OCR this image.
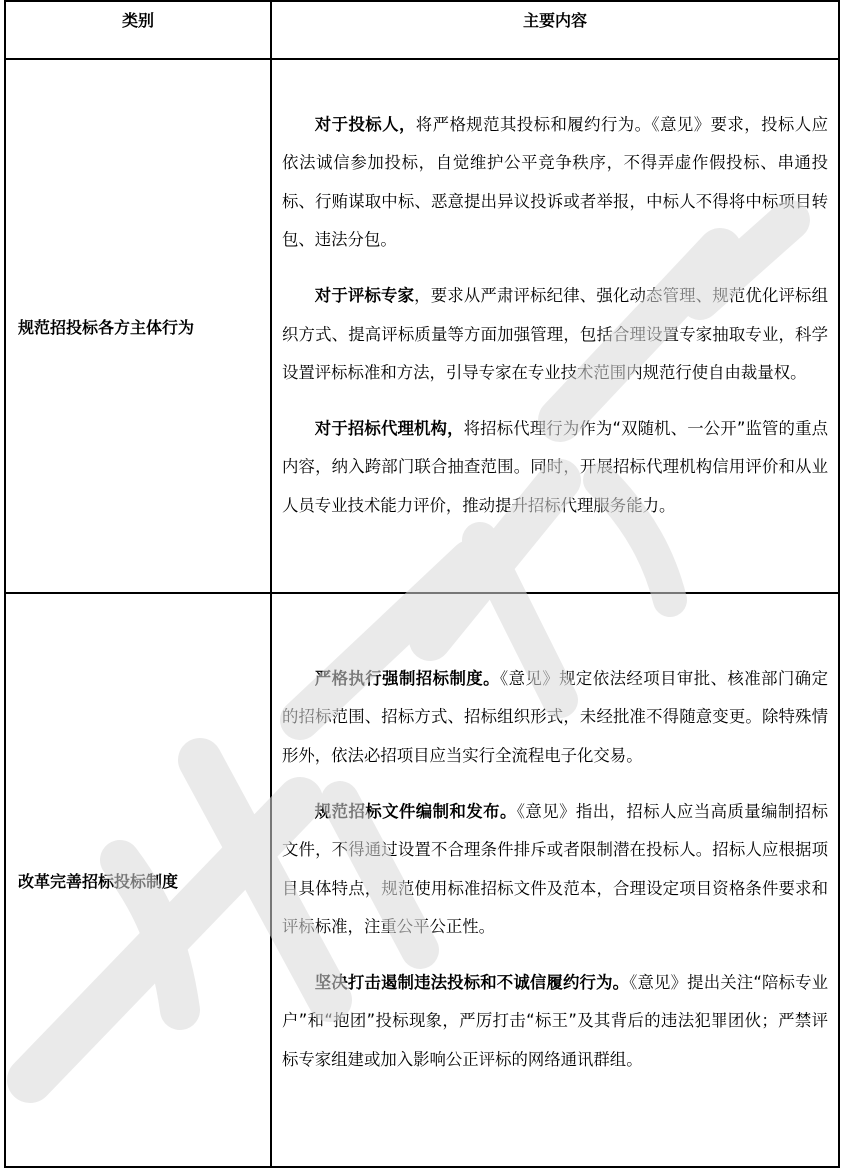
类别	主要内容

规范招投标各方主体行为	对于投标人，将严格规范其投标和履约行为。《意见》要求，投标人应依法诚信参加投标，自觉维护公平竞争秩序，不得弄虚作假投标、串通投标、行贿谋取中标、恶意提出异议投诉或者举报，中标人不得将中标项目转包、违法分包。

对于评标专家，要求从严肃评标纪律、强化动态管理、规范优化评标组织方式、提高评标质量等方面加强管理，包括合理设置专家抽取专业，科学设置评标标准和方法，引导专家在专业技术范围内规范行使自由裁量权。

对于招标代理机构，将招标代理行为作为“双随机、一公开”监管的重点内容，纳入跨部门联合抽查范围。同时，开展招标代理机构信用评价和从业人员专业技术能力评价，推动提升招标代理服务能力。

改革完善招标投标制度	严格执行强制招标制度。《意见》规定依法经项目审批、核准部门确定的招标范围、招标方式、招标组织形式，未经批准不得随意变更。除特殊情形外，依法必招项目应当实行全流程电子化交易。

规范招标文件编制和发布。《意见》指出，招标人应当高质量编制招标文件，不得通过设置不合理条件排斥或者限制潜在投标人。招标人应根据项目具体特点，规范使用标准招标文件及范本，合理设定项目资格条件要求和评标标准，注重公平公正性。

坚决打击遏制违法投标和不诚信履约行为。《意见》提出关注“陪标专业户”和“抱团”投标现象，严厉打击“标王”及其背后的违法犯罪团伙；严禁评标专家组建或加入影响公正评标的网络通讯群组。
